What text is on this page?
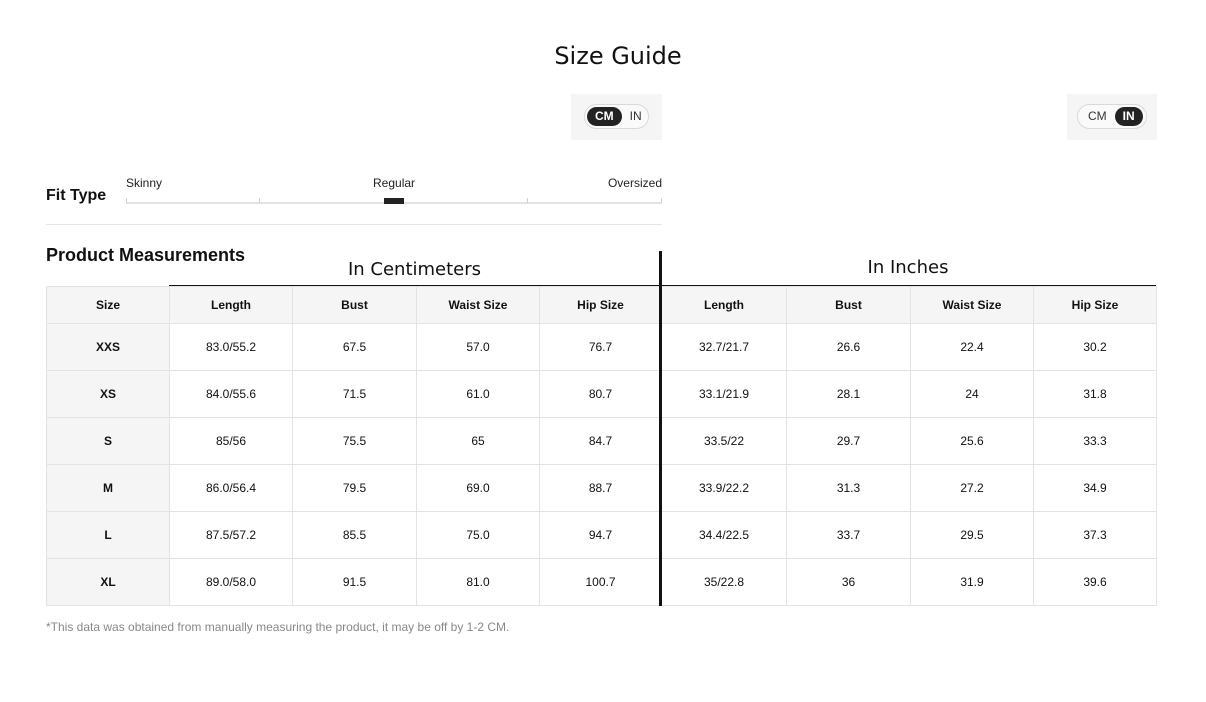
Size Guide
CM	IN	CM	IN
Fit Type
Skinny	Regular	Oversized
Product Measurements
In Centimeters	In Inches
Size	Length	Bust	Waist Size	Hip Size	Length	Bust	Waist Size	Hip Size
XXS	83.0/55.2	67.5	57.0	76.7	32.7/21.7	26.6	22.4	30.2
XS	84.0/55.6	71.5	61.0	80.7	33.1/21.9	28.1	24	31.8
S	85/56	75.5	65	84.7	33.5/22	29.7	25.6	33.3
M	86.0/56.4	79.5	69.0	88.7	33.9/22.2	31.3	27.2	34.9
L	87.5/57.2	85.5	75.0	94.7	34.4/22.5	33.7	29.5	37.3
XL	89.0/58.0	91.5	81.0	100.7	35/22.8	36	31.9	39.6
*This data was obtained from manually measuring the product, it may be off by 1-2 CM.
